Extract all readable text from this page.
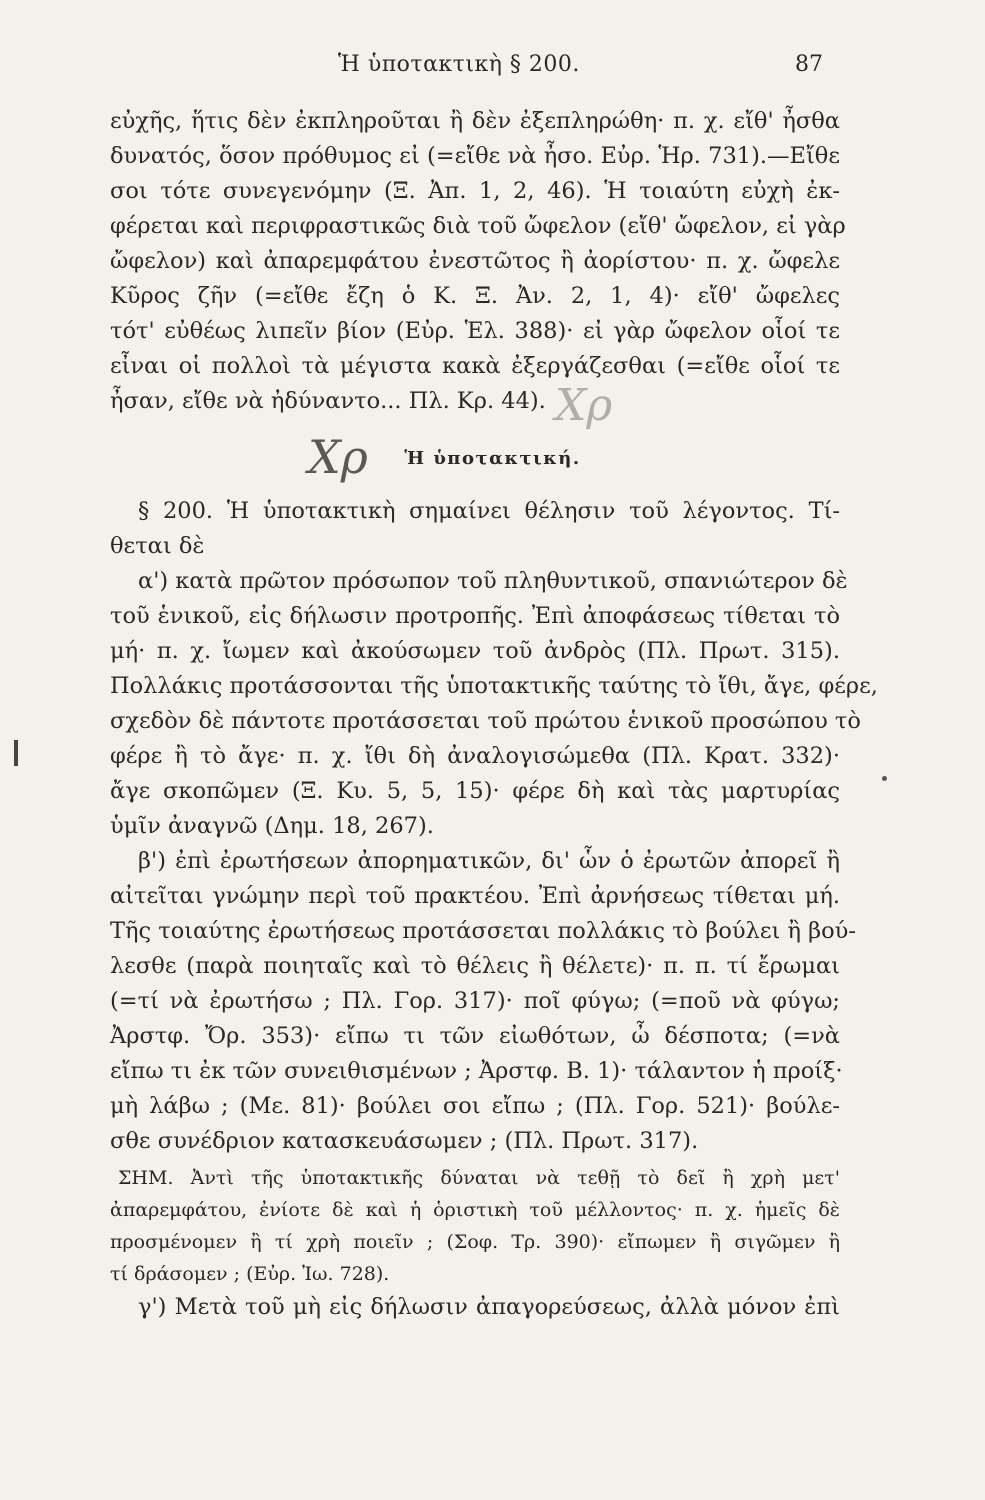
Ἡ ὑποτακτικὴ § 200.	87
εὐχῆς, ἥτις δὲν ἐκπληροῦται ἢ δὲν ἐξεπληρώθη· π. χ. εἴθ' ἦσθα
δυνατός, ὅσον πρόθυμος εἰ (=εἴθε νὰ ἦσο. Εὐρ. Ἡρ. 731).—Εἴθε
σοι τότε συνεγενόμην (Ξ. Ἀπ. 1, 2, 46). Ἡ τοιαύτη εὐχὴ ἐκ-
φέρεται καὶ περιφραστικῶς διὰ τοῦ ὤφελον (εἴθ' ὤφελον, εἰ γὰρ
ὤφελον) καὶ ἀπαρεμφάτου ἐνεστῶτος ἢ ἀορίστου· π. χ. ὤφελε
Κῦρος ζῆν (=εἴθε ἔζη ὁ Κ. Ξ. Ἀν. 2, 1, 4)· εἴθ' ὤφελες
τότ' εὐθέως λιπεῖν βίον (Εὐρ. Ἑλ. 388)· εἰ γὰρ ὤφελον οἷοί τε
εἶναι οἱ πολλοὶ τὰ μέγιστα κακὰ ἐξεργάζεσθαι (=εἴθε οἷοί τε
ἦσαν, εἴθε νὰ ἠδύναντο... Πλ. Κρ. 44). Χρ
Χρ	Ἡ ὑποτακτική.
§ 200. Ἡ ὑποτακτικὴ σημαίνει θέλησιν τοῦ λέγοντος. Τί-
θεται δὲ
α') κατὰ πρῶτον πρόσωπον τοῦ πληθυντικοῦ, σπανιώτερον δὲ
τοῦ ἑνικοῦ, εἰς δήλωσιν προτροπῆς. Ἐπὶ ἀποφάσεως τίθεται τὸ
μή· π. χ. ἴωμεν καὶ ἀκούσωμεν τοῦ ἀνδρὸς (Πλ. Πρωτ. 315).
Πολλάκις προτάσσονται τῆς ὑποτακτικῆς ταύτης τὸ ἴθι, ἄγε, φέρε,
σχεδὸν δὲ πάντοτε προτάσσεται τοῦ πρώτου ἑνικοῦ προσώπου τὸ
φέρε ἢ τὸ ἄγε· π. χ. ἴθι δὴ ἀναλογισώμεθα (Πλ. Κρατ. 332)·
ἄγε σκοπῶμεν (Ξ. Κυ. 5, 5, 15)· φέρε δὴ καὶ τὰς μαρτυρίας
ὑμῖν ἀναγνῶ (Δημ. 18, 267).
β') ἐπὶ ἐρωτήσεων ἀπορηματικῶν, δι' ὧν ὁ ἐρωτῶν ἀπορεῖ ἢ
αἰτεῖται γνώμην περὶ τοῦ πρακτέου. Ἐπὶ ἀρνήσεως τίθεται μή.
Τῆς τοιαύτης ἐρωτήσεως προτάσσεται πολλάκις τὸ βούλει ἢ βού-
λεσθε (παρὰ ποιηταῖς καὶ τὸ θέλεις ἢ θέλετε)· π. π. τί ἔρωμαι
(=τί νὰ ἐρωτήσω ; Πλ. Γορ. 317)· ποῖ φύγω; (=ποῦ νὰ φύγω;
Ἀρστφ. Ὄρ. 353)· εἴπω τι τῶν εἰωθότων, ὦ δέσποτα; (=νὰ
εἴπω τι ἐκ τῶν συνειθισμένων ; Ἀρστφ. Β. 1)· τάλαντον ἡ προίξ·
μὴ λάβω ; (Με. 81)· βούλει σοι εἴπω ; (Πλ. Γορ. 521)· βούλε-
σθε συνέδριον κατασκευάσωμεν ; (Πλ. Πρωτ. 317).
ΣΗΜ. Ἀντὶ τῆς ὑποτακτικῆς δύναται νὰ τεθῇ τὸ δεῖ ἢ χρὴ μετ'
ἀπαρεμφάτου, ἐνίοτε δὲ καὶ ἡ ὁριστικὴ τοῦ μέλλοντος· π. χ. ἡμεῖς δὲ
προσμένομεν ἢ τί χρὴ ποιεῖν ; (Σοφ. Τρ. 390)· εἴπωμεν ἢ σιγῶμεν ἢ
τί δράσομεν ; (Εὐρ. Ἰω. 728).
γ') Μετὰ τοῦ μὴ εἰς δήλωσιν ἀπαγορεύσεως, ἀλλὰ μόνον ἐπὶ
